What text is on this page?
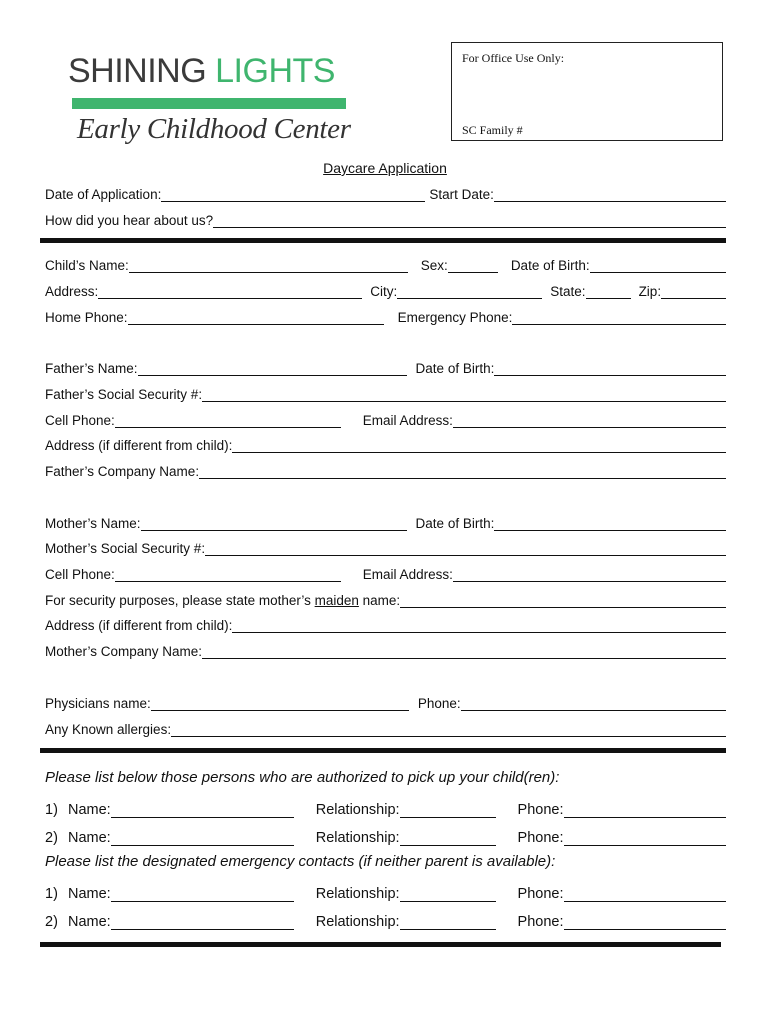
SHINING LIGHTS
Early Childhood Center
For Office Use Only:
SC Family #
Daycare Application
Date of Application:	Start Date:
How did you hear about us?
Child’s Name:	Sex:	Date of Birth:
Address:	City:	State:	Zip:
Home Phone:	Emergency Phone:
Father’s Name:	Date of Birth:
Father’s Social Security #:
Cell Phone:	Email Address:
Address (if different from child):
Father’s Company Name:
Mother’s Name:	Date of Birth:
Mother’s Social Security #:
Cell Phone:	Email Address:
For security purposes, please state mother’s maiden name:
Address (if different from child):
Mother’s Company Name:
Physicians name:	Phone:
Any Known allergies:
Please list below those persons who are authorized to pick up your child(ren):
1) Name:	Relationship:	Phone:
2) Name:	Relationship:	Phone:
Please list the designated emergency contacts (if neither parent is available):
1) Name:	Relationship:	Phone:
2) Name:	Relationship:	Phone:
